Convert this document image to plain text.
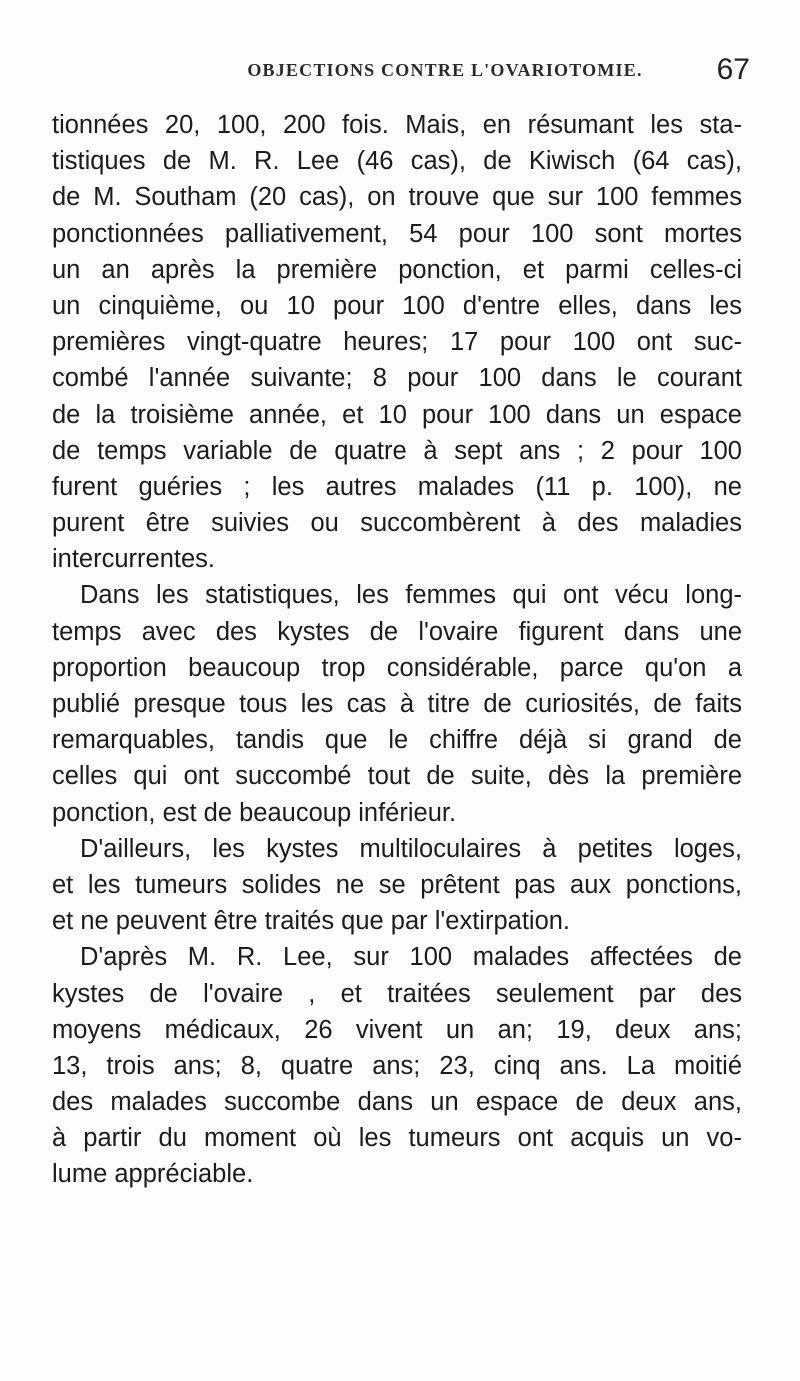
OBJECTIONS CONTRE L'OVARIOTOMIE.	67
tionnées 20, 100, 200 fois. Mais, en résumant les sta-
tistiques de M. R. Lee (46 cas), de Kiwisch (64 cas),
de M. Southam (20 cas), on trouve que sur 100 femmes
ponctionnées palliativement, 54 pour 100 sont mortes
un an après la première ponction, et parmi celles-ci
un cinquième, ou 10 pour 100 d'entre elles, dans les
premières vingt-quatre heures; 17 pour 100 ont suc-
combé l'année suivante; 8 pour 100 dans le courant
de la troisième année, et 10 pour 100 dans un espace
de temps variable de quatre à sept ans ; 2 pour 100
furent guéries ; les autres malades (11 p. 100), ne
purent être suivies ou succombèrent à des maladies
intercurrentes.
Dans les statistiques, les femmes qui ont vécu long-
temps avec des kystes de l'ovaire figurent dans une
proportion beaucoup trop considérable, parce qu'on a
publié presque tous les cas à titre de curiosités, de faits
remarquables, tandis que le chiffre déjà si grand de
celles qui ont succombé tout de suite, dès la première
ponction, est de beaucoup inférieur.
D'ailleurs, les kystes multiloculaires à petites loges,
et les tumeurs solides ne se prêtent pas aux ponctions,
et ne peuvent être traités que par l'extirpation.
D'après M. R. Lee, sur 100 malades affectées de
kystes de l'ovaire , et traitées seulement par des
moyens médicaux, 26 vivent un an; 19, deux ans;
13, trois ans; 8, quatre ans; 23, cinq ans. La moitié
des malades succombe dans un espace de deux ans,
à partir du moment où les tumeurs ont acquis un vo-
lume appréciable.
